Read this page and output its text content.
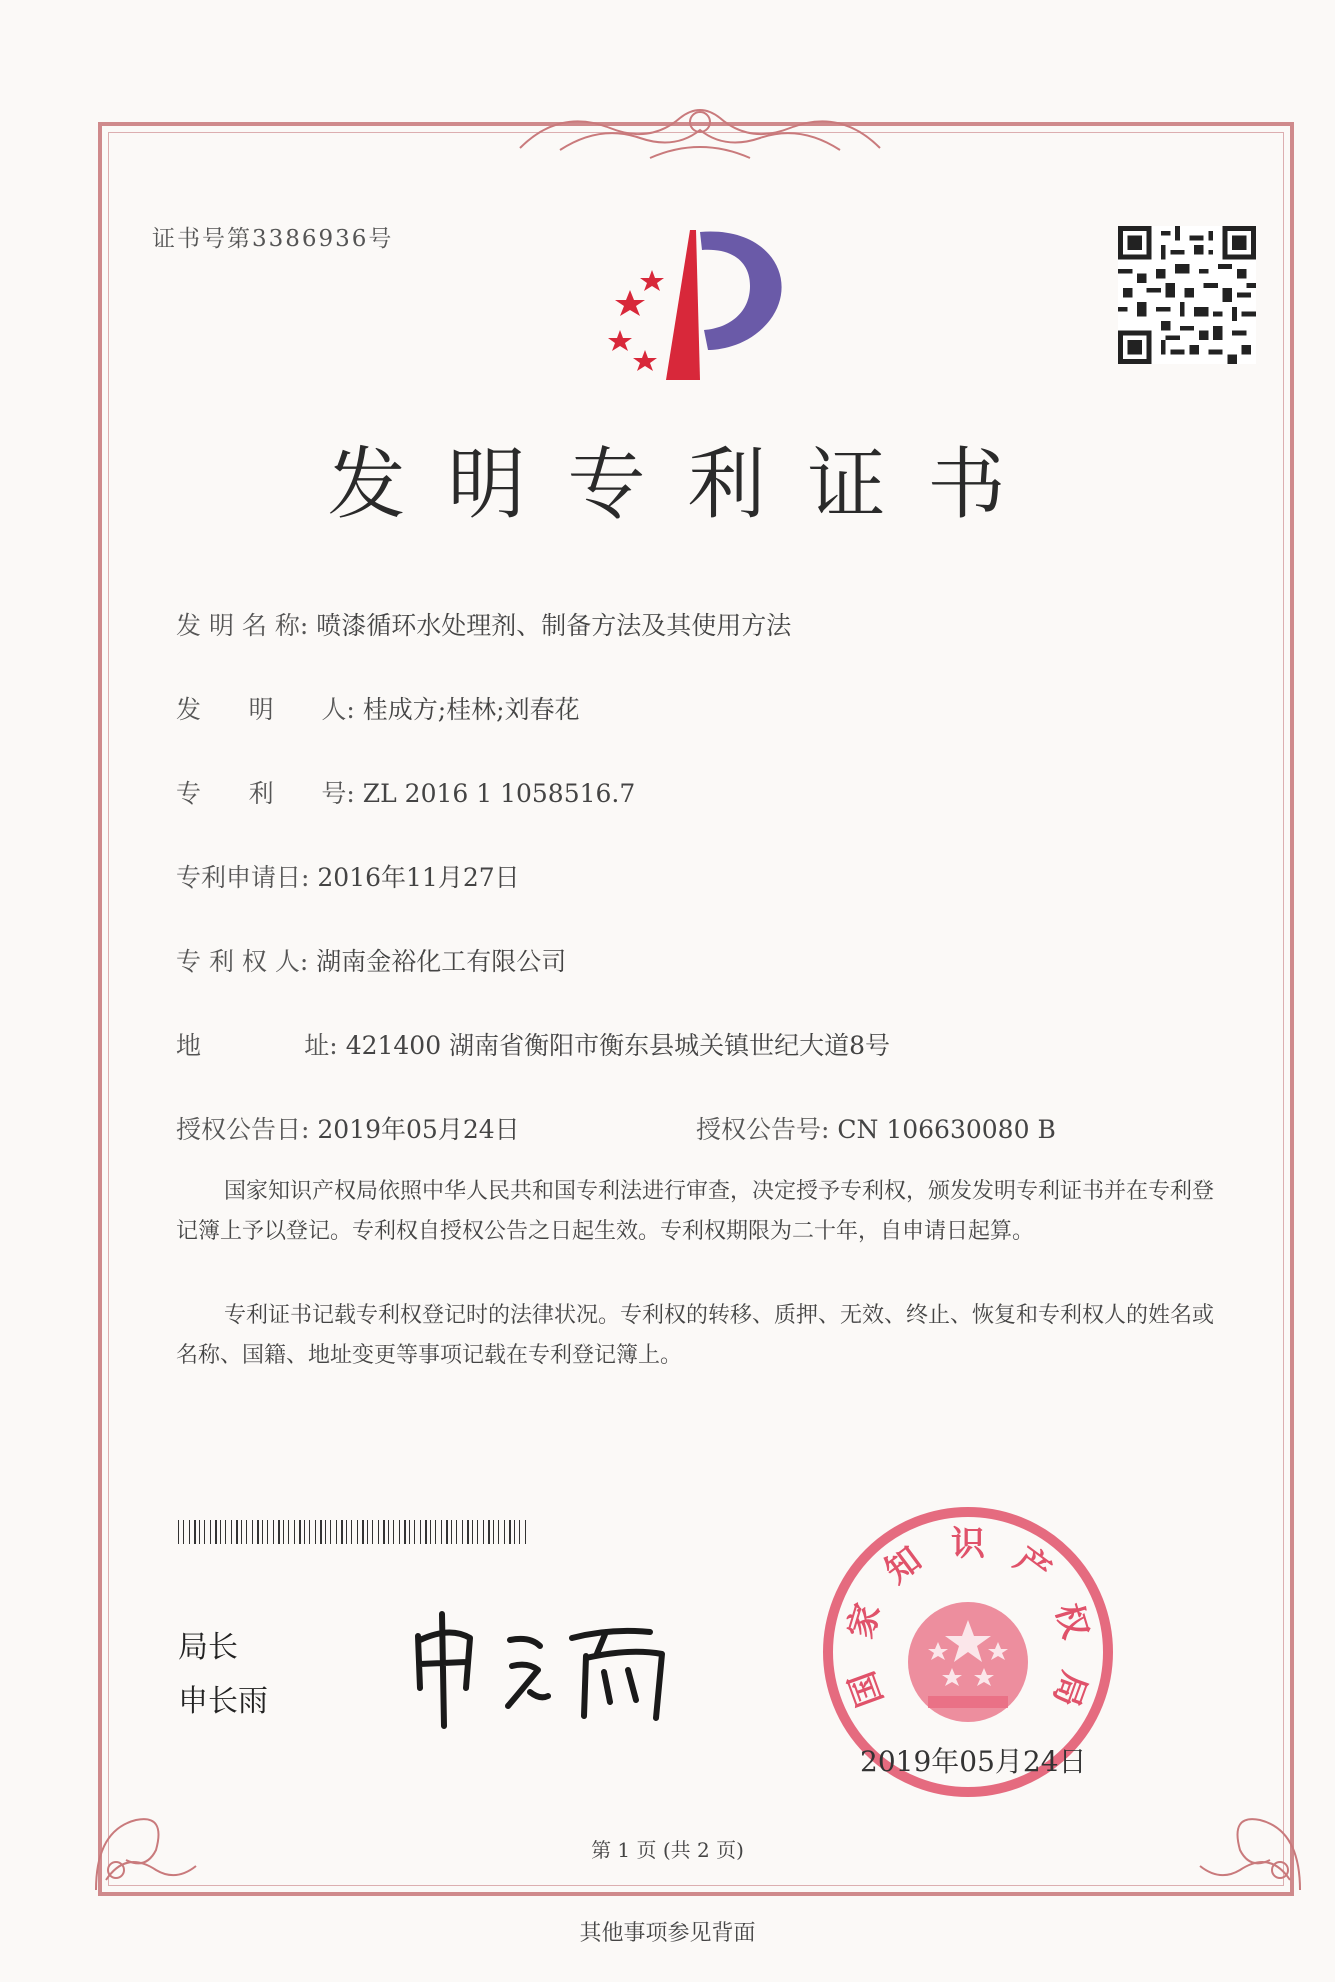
证书号第3386936号
发明专利证书
发 明 名 称: 喷漆循环水处理剂、制备方法及其使用方法
发      明      人: 桂成方;桂林;刘春花
专      利      号: ZL 2016 1 1058516.7
专利申请日: 2016年11月27日
专 利 权 人: 湖南金裕化工有限公司
地             址: 421400 湖南省衡阳市衡东县城关镇世纪大道8号
授权公告日: 2019年05月24日	授权公告号: CN 106630080 B
国家知识产权局依照中华人民共和国专利法进行审查，决定授予专利权，颁发发明专利证书并在专利登记簿上予以登记。专利权自授权公告之日起生效。专利权期限为二十年，自申请日起算。
专利证书记载专利权登记时的法律状况。专利权的转移、质押、无效、终止、恢复和专利权人的姓名或名称、国籍、地址变更等事项记载在专利登记簿上。
局长
申长雨	国
家
知 识 产
权
局
2019年05月24日
第 1 页 (共 2 页)
其他事项参见背面
